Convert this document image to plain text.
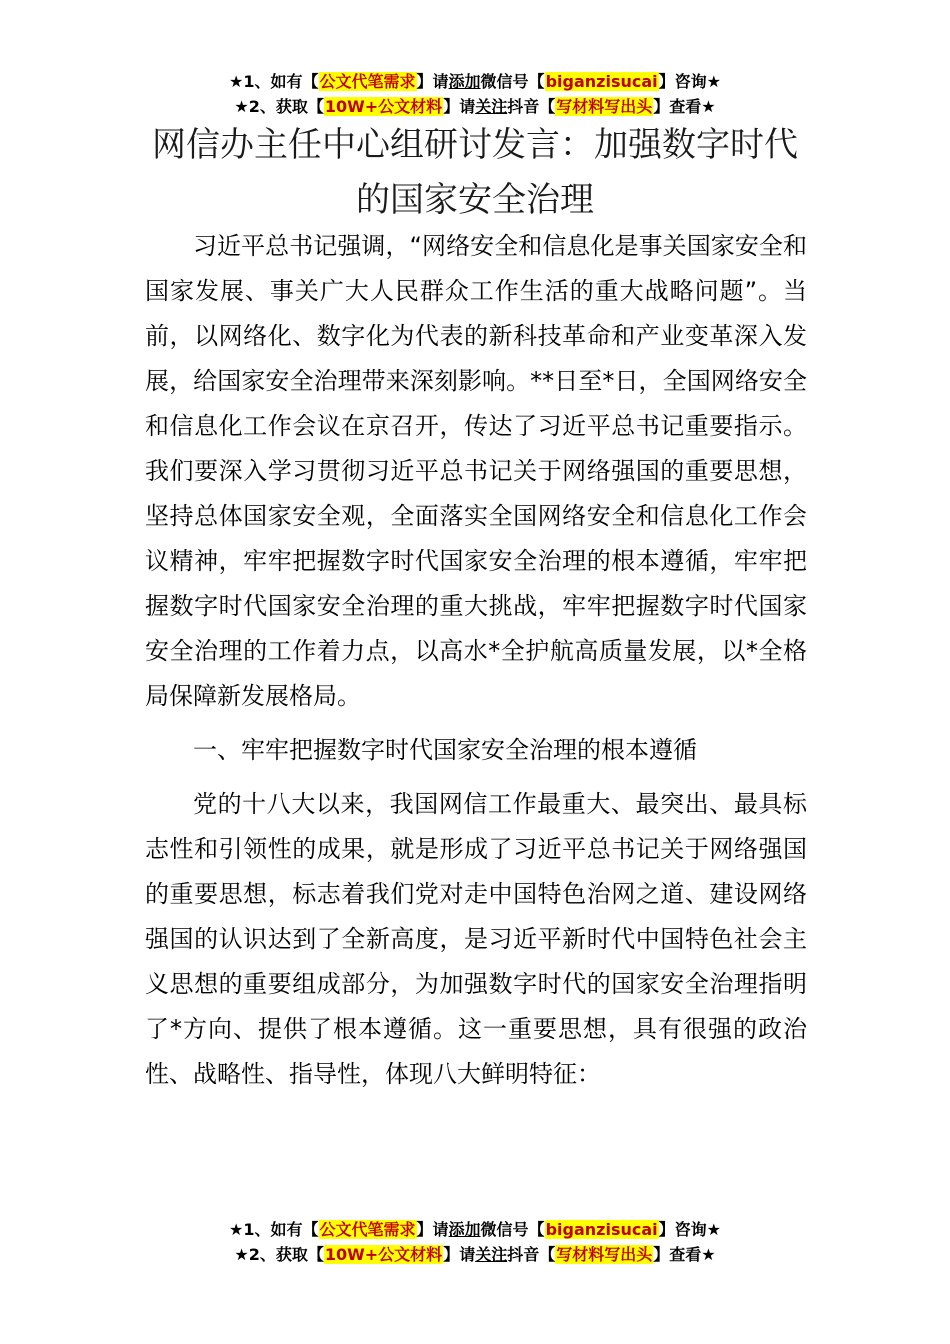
★1、如有【公文代笔需求】请添加微信号【biganzisucai】咨询★
★2、获取【10W+公文材料】请关注抖音【写材料写出头】查看★
网信办主任中心组研讨发言：加强数字时代
的国家安全治理

习近平总书记强调，“网络安全和信息化是事关国家安全和国家发展、事关广大人民群众工作生活的重大战略问题”。当前，以网络化、数字化为代表的新科技革命和产业变革深入发展，给国家安全治理带来深刻影响。**日至*日，全国网络安全和信息化工作会议在京召开，传达了习近平总书记重要指示。我们要深入学习贯彻习近平总书记关于网络强国的重要思想，坚持总体国家安全观，全面落实全国网络安全和信息化工作会议精神，牢牢把握数字时代国家安全治理的根本遵循，牢牢把握数字时代国家安全治理的重大挑战，牢牢把握数字时代国家安全治理的工作着力点，以高水*全护航高质量发展，以*全格局保障新发展格局。

一、牢牢把握数字时代国家安全治理的根本遵循

党的十八大以来，我国网信工作最重大、最突出、最具标志性和引领性的成果，就是形成了习近平总书记关于网络强国的重要思想，标志着我们党对走中国特色治网之道、建设网络强国的认识达到了全新高度，是习近平新时代中国特色社会主义思想的重要组成部分，为加强数字时代的国家安全治理指明了*方向、提供了根本遵循。这一重要思想，具有很强的政治性、战略性、指导性，体现八大鲜明特征：

★1、如有【公文代笔需求】请添加微信号【biganzisucai】咨询★
★2、获取【10W+公文材料】请关注抖音【写材料写出头】查看★
